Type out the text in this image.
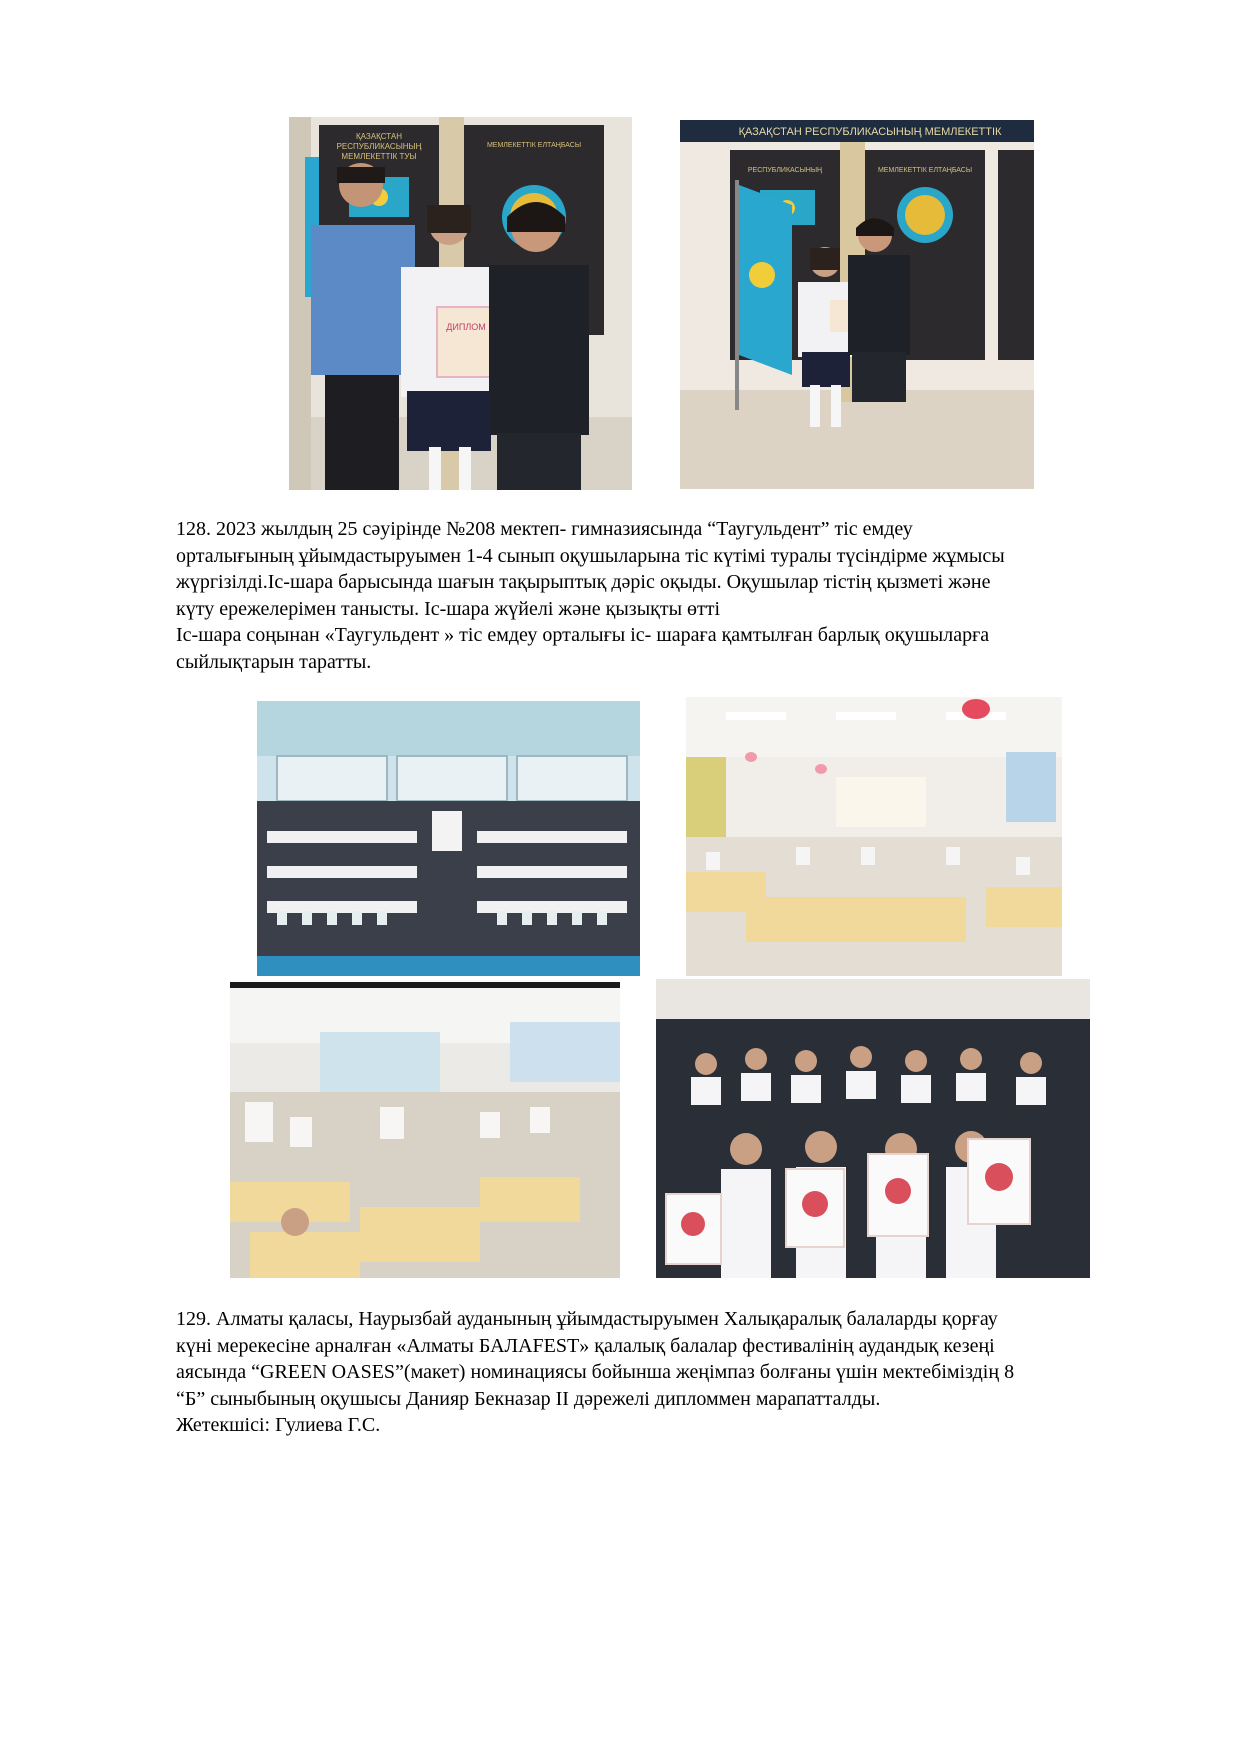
ҚАЗАҚСТАН
РЕСПУБЛИКАСЫНЫҢ
МЕМЛЕКЕТТІК ТУЫ
МЕМЛЕКЕТТІК ЕЛТАҢБАСЫ
ДИПЛОМ
ҚАЗАҚСТАН РЕСПУБЛИКАСЫНЫҢ МЕМЛЕКЕТТІК
РЕСПУБЛИКАСЫНЫҢ	МЕМЛЕКЕТТІК ЕЛТАҢБАСЫ
128. 2023 жылдың 25 сәуірінде №208 мектеп- гимназиясында “Таугульдент” тіс емдеу
орталығының ұйымдастыруымен 1-4 сынып оқушыларына тіс күтімі туралы түсіндірме жұмысы
жүргізілді.Іс-шара барысында шағын тақырыптық дәріс оқыды. Оқушылар тістің қызметі және
күту ережелерімен танысты. Іс-шара жүйелі және қызықты өтті
Іс-шара соңынан «Таугульдент » тіс емдеу орталығы іс- шараға қамтылған барлық оқушыларға
сыйлықтарын таратты.
129. Алматы қаласы, Наурызбай ауданының ұйымдастыруымен Халықаралық балаларды қорғау
күні мерекесіне арналған «Алматы БАЛАFEST» қалалық балалар фестивалінің аудандық кезеңі
аясында “GREEN OASES”(макет) номинациясы бойынша жеңімпаз болғаны үшін мектебіміздің 8
“Б” сыныбының оқушысы Данияр Бекназар ІІ дәрежелі дипломмен марапатталды.
Жетекшісі: Гулиева Г.С.
